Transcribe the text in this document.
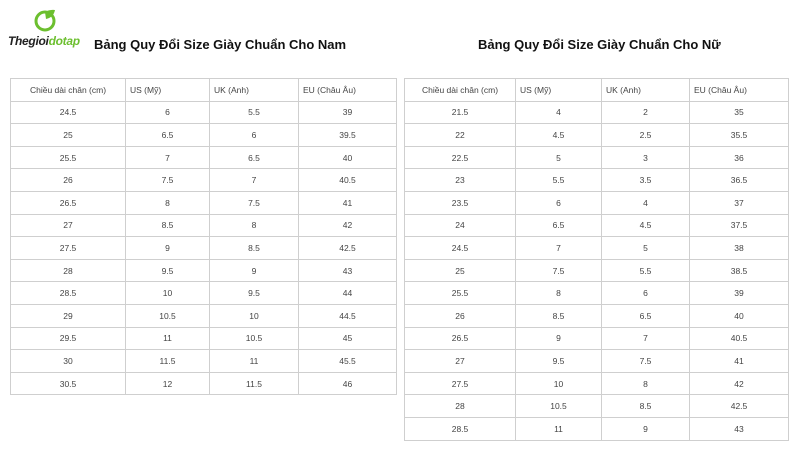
Thegioidotap Bảng Quy Đổi Size Giày Chuẩn Cho Nam	Bảng Quy Đổi Size Giày Chuẩn Cho Nữ
Chiều dài chân (cm)	US (Mỹ)	UK (Anh)	EU (Châu Âu)
24.5	6	5.5	39
25	6.5	6	39.5
25.5	7	6.5	40
26	7.5	7	40.5
26.5	8	7.5	41
27	8.5	8	42
27.5	9	8.5	42.5
28	9.5	9	43
28.5	10	9.5	44
29	10.5	10	44.5
29.5	11	10.5	45
30	11.5	11	45.5
30.5	12	11.5	46
Chiều dài chân (cm)	US (Mỹ)	UK (Anh)	EU (Châu Âu)
21.5	4	2	35
22	4.5	2.5	35.5
22.5	5	3	36
23	5.5	3.5	36.5
23.5	6	4	37
24	6.5	4.5	37.5
24.5	7	5	38
25	7.5	5.5	38.5
25.5	8	6	39
26	8.5	6.5	40
26.5	9	7	40.5
27	9.5	7.5	41
27.5	10	8	42
28	10.5	8.5	42.5
28.5	11	9	43
